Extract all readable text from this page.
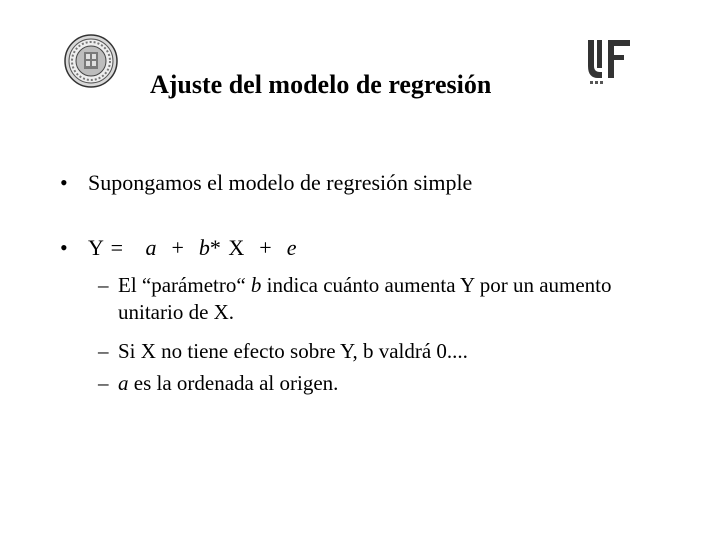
Ajuste del modelo de regresión
• Supongamos el modelo de regresión simple
• Y = a + b* X + e
– El “parámetro“ b indica cuánto aumenta Y por un aumento unitario de X.
– Si X no tiene efecto sobre Y, b valdrá 0....
– a es la ordenada al origen.
